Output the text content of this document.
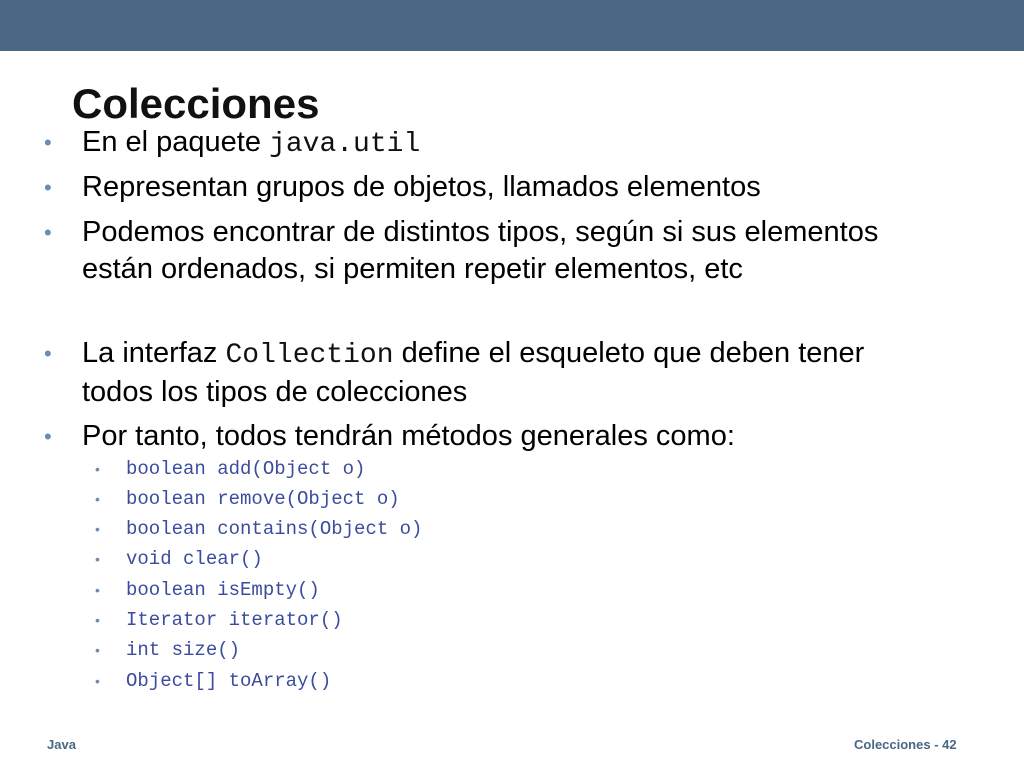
Colecciones
• En el paquete java.util
• Representan grupos de objetos, llamados elementos
• Podemos encontrar de distintos tipos, según si sus elementos están ordenados, si permiten repetir elementos, etc
• La interfaz Collection define el esqueleto que deben tener todos los tipos de colecciones
• Por tanto, todos tendrán métodos generales como:
• boolean add(Object o)
• boolean remove(Object o)
• boolean contains(Object o)
• void clear()
• boolean isEmpty()
• Iterator iterator()
• int size()
• Object[] toArray()
Java	Colecciones - 42
